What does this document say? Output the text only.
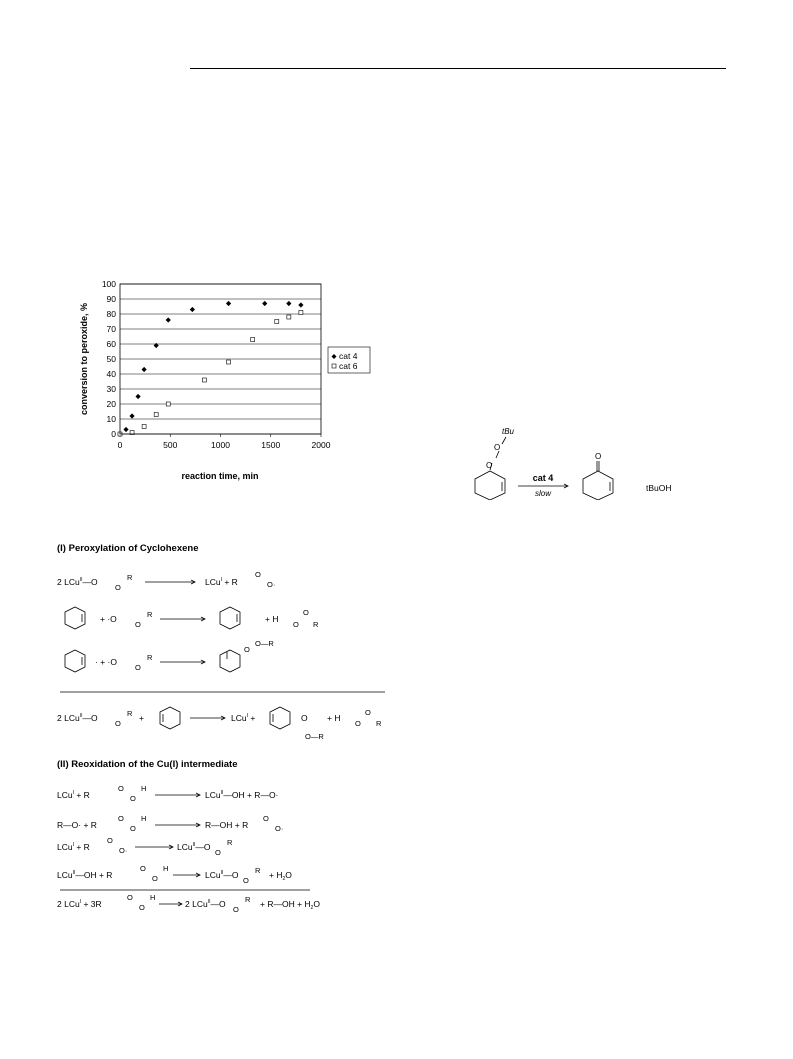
conversion to peroxide, %
reaction time, min
0
10
20
30
40
50
60
70
80
90
100
0	500	1000	1500	2000
cat 4
cat 6
tBu
O
O
O
cat 4
slow
tBuOH
(I) Peroxylation of Cyclohexene
2 LCu$^{II}$—O
O
R	LCu$^I$ + R
O
O·
+ ·O
O
R	+ H
O
O
R
· + ·O
O
R
O
O—R
2 LCu$^{II}$—O
O
R +	LCu$^I$ +	O
O—R
+ H
O
O
R
(II) Reoxidation of the Cu(I) intermediate
LCu$^I$ + R
O
O
H
LCu$^{II}$—OH + R—O·
R—O· + R
O
O
H
R—OH + R
O
O·
LCu$^I$ + R
O
O·	LCu$^{II}$—O
O
R
LCu$^{II}$—OH + R
O
O
H
LCu$^{II}$—O
O
$R + H_2O$
2 LCu$^I$ + 3R
O
O
H
2 LCu$^{II}$—O
O
R + R—OH + $H_2O$
